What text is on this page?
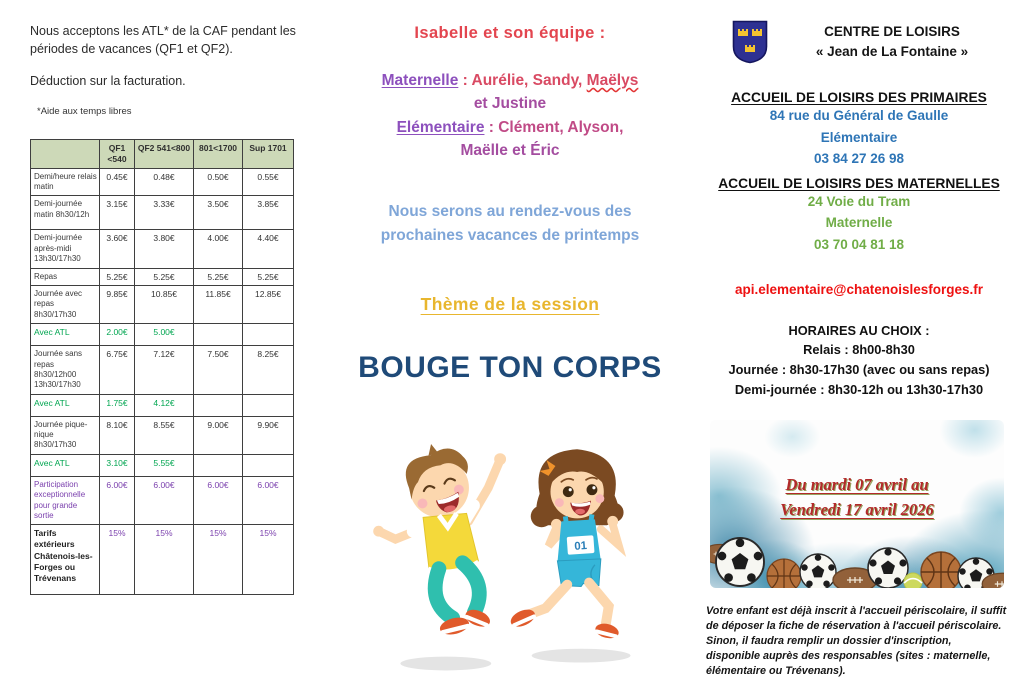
Nous acceptons les ATL* de la CAF pendant les périodes de vacances (QF1 et QF2).

Déduction sur la facturation.

*Aide aux temps libres

	QF1 <540	QF2 541<800	801<1700	Sup 1701
Demi/heure relais matin	0.45€	0.48€	0.50€	0.55€
Demi-journée matin 8h30/12h	3.15€	3.33€	3.50€	3.85€
Demi-journée après-midi 13h30/17h30	3.60€	3.80€	4.00€	4.40€
Repas	5.25€	5.25€	5.25€	5.25€
Journée avec repas 8h30/17h30	9.85€	10.85€	11.85€	12.85€
Avec ATL	2.00€	5.00€		
Journée sans repas 8h30/12h00 13h30/17h30	6.75€	7.12€	7.50€	8.25€
Avec ATL	1.75€	4.12€		
Journée pique-nique 8h30/17h30	8.10€	8.55€	9.00€	9.90€
Avec ATL	3.10€	5.55€		
Participation exceptionnelle pour grande sortie	6.00€	6.00€	6.00€	6.00€
Tarifs extérieurs Châtenois-les-Forges ou Trévenans	15%	15%	15%	15%
Isabelle et son équipe :
Maternelle : Aurélie, Sandy, Maëlys
et Justine
Elémentaire : Clément, Alyson,
Maëlle et Éric
Nous serons au rendez-vous des
prochaines vacances de printemps
Thème de la session
BOUGE TON CORPS
01
CENTRE DE LOISIRS
« Jean de La Fontaine »
ACCUEIL DE LOISIRS DES PRIMAIRES
84 rue du Général de Gaulle
Elémentaire
03 84 27 26 98
ACCUEIL DE LOISIRS DES MATERNELLES
24 Voie du Tram
Maternelle
03 70 04 81 18
api.elementaire@chatenoislesforges.fr
HORAIRES AU CHOIX :
Relais : 8h00-8h30
Journée : 8h30-17h30 (avec ou sans repas)
Demi-journée : 8h30-12h ou 13h30-17h30
Du mardi 07 avril au
Vendredi 17 avril 2026

Votre enfant est déjà inscrit à l'accueil périscolaire, il suffit de déposer la fiche de réservation à l'accueil périscolaire. Sinon, il faudra remplir un dossier d'inscription, disponible auprès des responsables (sites : maternelle, élémentaire ou Trévenans).
